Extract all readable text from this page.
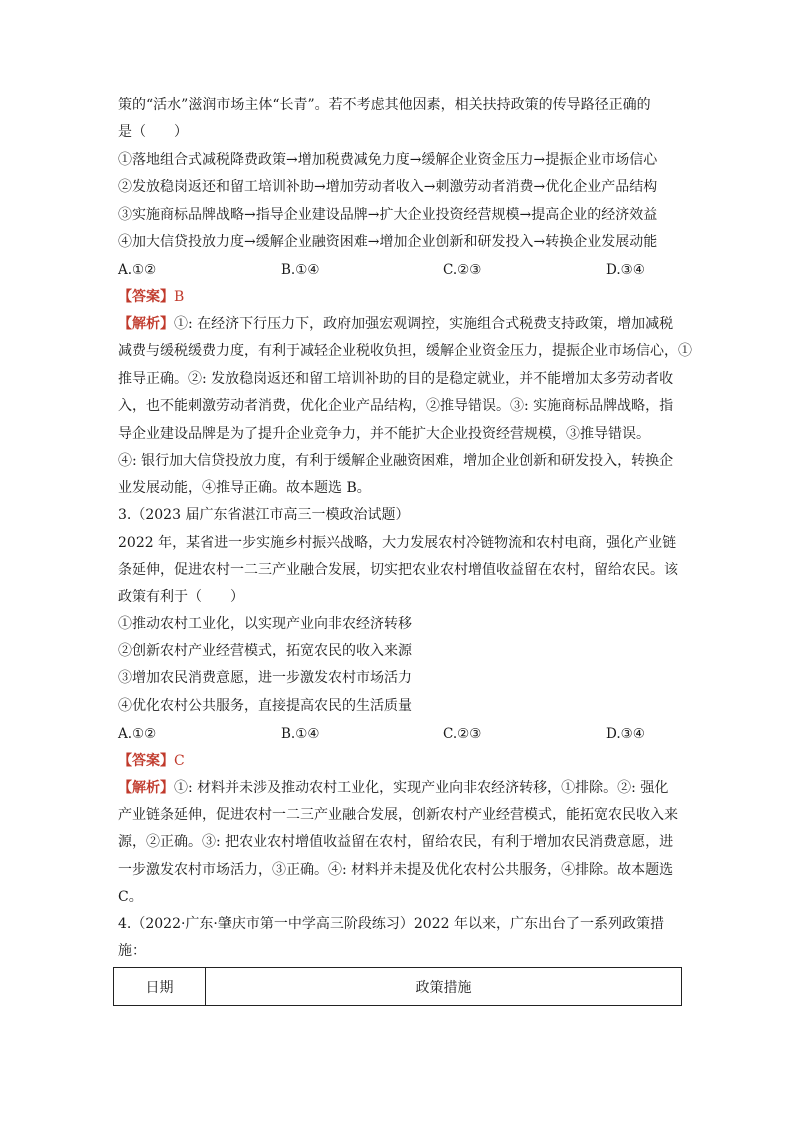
策的“活水”滋润市场主体“长青”。若不考虑其他因素，相关扶持政策的传导路径正确的
是（　　）
①落地组合式减税降费政策→增加税费减免力度→缓解企业资金压力→提振企业市场信心
②发放稳岗返还和留工培训补助→增加劳动者收入→刺激劳动者消费→优化企业产品结构
③实施商标品牌战略→指导企业建设品牌→扩大企业投资经营规模→提高企业的经济效益
④加大信贷投放力度→缓解企业融资困难→增加企业创新和研发投入→转换企业发展动能
A.①②	B.①④	C.②③	D.③④
【答案】B
【解析】①: 在经济下行压力下，政府加强宏观调控，实施组合式税费支持政策，增加减税
减费与缓税缓费力度，有利于减轻企业税收负担，缓解企业资金压力，提振企业市场信心，①
推导正确。②: 发放稳岗返还和留工培训补助的目的是稳定就业，并不能增加太多劳动者收
入，也不能刺激劳动者消费，优化企业产品结构，②推导错误。③: 实施商标品牌战略，指
导企业建设品牌是为了提升企业竞争力，并不能扩大企业投资经营规模，③推导错误。
④: 银行加大信贷投放力度，有利于缓解企业融资困难，增加企业创新和研发投入，转换企
业发展动能，④推导正确。故本题选 B。
3.（2023 届广东省湛江市高三一模政治试题）
2022 年，某省进一步实施乡村振兴战略，大力发展农村冷链物流和农村电商，强化产业链
条延伸，促进农村一二三产业融合发展，切实把农业农村增值收益留在农村，留给农民。该
政策有利于（　　）
①推动农村工业化，以实现产业向非农经济转移
②创新农村产业经营模式，拓宽农民的收入来源
③增加农民消费意愿，进一步激发农村市场活力
④优化农村公共服务，直接提高农民的生活质量
A.①②	B.①④	C.②③	D.③④
【答案】C
【解析】①: 材料并未涉及推动农村工业化，实现产业向非农经济转移，①排除。②: 强化
产业链条延伸，促进农村一二三产业融合发展，创新农村产业经营模式，能拓宽农民收入来
源，②正确。③: 把农业农村增值收益留在农村，留给农民，有利于增加农民消费意愿，进
一步激发农村市场活力，③正确。④: 材料并未提及优化农村公共服务，④排除。故本题选
C。
4.（2022·广东·肇庆市第一中学高三阶段练习）2022 年以来，广东出台了一系列政策措
施：
日期	政策措施
